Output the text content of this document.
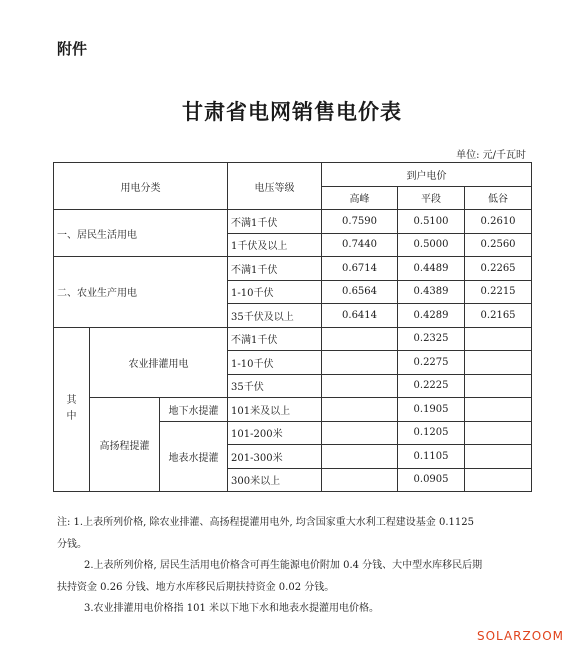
附件
甘肃省电网销售电价表
单位: 元/千瓦时
用电分类			电压等级	到户电价		
				高峰	平段	低谷
一、居民生活用电			不满1千伏	0.7590	0.5100	0.2610
			1千伏及以上	0.7440	0.5000	0.2560
二、农业生产用电			不满1千伏	0.6714	0.4489	0.2265
			1-10千伏	0.6564	0.4389	0.2215
			35千伏及以上	0.6414	0.4289	0.2165
其
中	农业排灌用电		不满1千伏		0.2325	
			1-10千伏		0.2275	
			35千伏		0.2225	
	高扬程提灌	地下水提灌	101米及以上		0.1905	
		地表水提灌	101-200米		0.1205	
			201-300米		0.1105	
			300米以上		0.0905	

注: 1.上表所列价格, 除农业排灌、高扬程提灌用电外, 均含国家重大水利工程建设基金 0.1125

分钱。

2.上表所列价格, 居民生活用电价格含可再生能源电价附加 0.4 分钱、大中型水库移民后期

扶持资金 0.26 分钱、地方水库移民后期扶持资金 0.02 分钱。

3.农业排灌用电价格指 101 米以下地下水和地表水提灌用电价格。

SOLARZOOM
